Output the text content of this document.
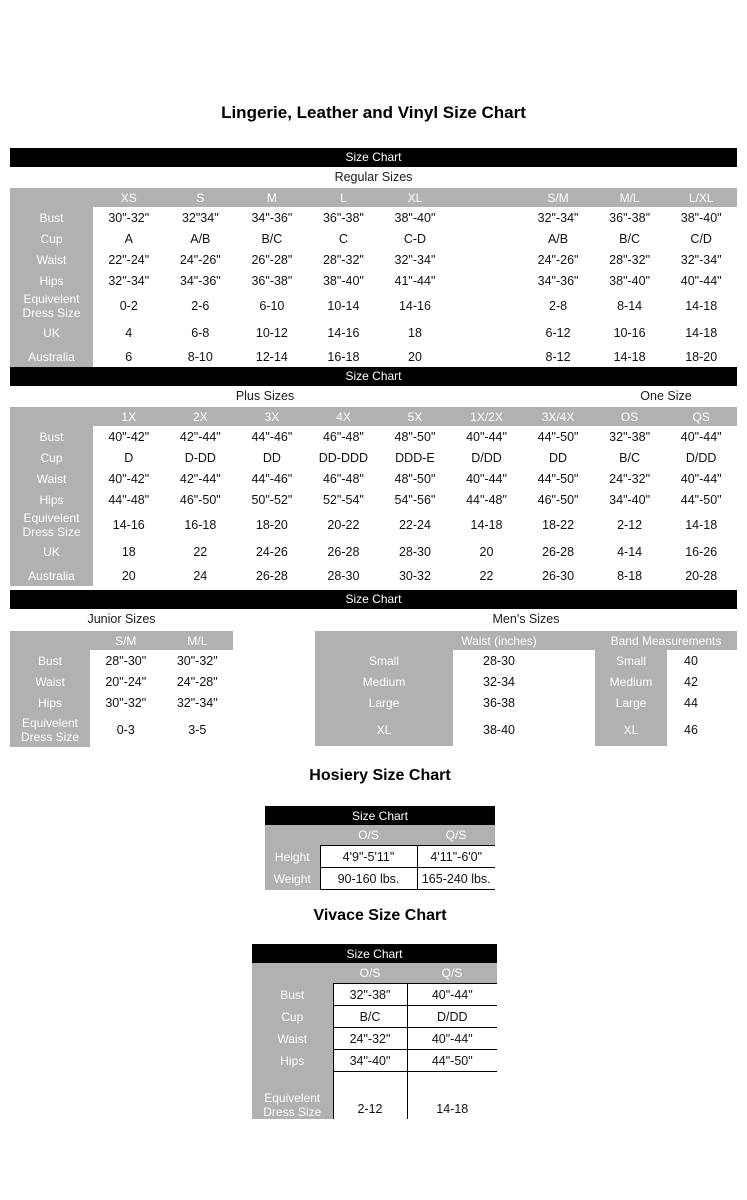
Lingerie, Leather and Vinyl Size Chart
Size Chart
Regular Sizes
	XS	S	M	L	XL		S/M	M/L	L/XL
Bust	30"-32"	32"34"	34"-36"	36"-38"	38"-40"		32"-34"	36"-38"	38"-40"
Cup	A	A/B	B/C	C	C-D		A/B	B/C	C/D
Waist	22"-24"	24"-26"	26"-28"	28"-32"	32"-34"		24"-26"	28"-32"	32"-34"
Hips	32"-34"	34"-36"	36"-38"	38"-40"	41"-44"		34"-36"	38"-40"	40"-44"
Equivelent Dress Size	0-2	2-6	6-10	10-14	14-16		2-8	8-14	14-18
UK	4	6-8	10-12	14-16	18		6-12	10-16	14-18
Australia	6	8-10	12-14	16-18	20		8-12	14-18	18-20
Size Chart
Plus Sizes	One Size
	1X	2X	3X	4X	5X	1X/2X	3X/4X	OS	QS
Bust	40"-42"	42"-44"	44"-46"	46"-48"	48"-50"	40"-44"	44"-50"	32"-38"	40"-44"
Cup	D	D-DD	DD	DD-DDD	DDD-E	D/DD	DD	B/C	D/DD
Waist	40"-42"	42"-44"	44"-46"	46"-48"	48"-50"	40"-44"	44"-50"	24"-32"	40"-44"
Hips	44"-48"	46"-50"	50"-52"	52"-54"	54"-56"	44"-48"	46"-50"	34"-40"	44"-50"
Equivelent Dress Size	14-16	16-18	18-20	20-22	22-24	14-18	18-22	2-12	14-18
UK	18	22	24-26	26-28	28-30	20	26-28	4-14	16-26
Australia	20	24	26-28	28-30	30-32	22	26-30	8-18	20-28
Size Chart
Junior Sizes	Men's Sizes
	S/M	M/L
Bust	28"-30"	30"-32"
Waist	20"-24"	24"-28"
Hips	30"-32"	32"-34"
Equivelent Dress Size	0-3	3-5
	Waist (inches)		Band Measurements		
Small	28-30		Small	40	
Medium	32-34		Medium	42	
Large	36-38		Large	44	
XL	38-40		XL	46	
Hosiery Size Chart
Size Chart		
	O/S	Q/S
Height	4'9"-5'11"	4'11"-6'0"
Weight	90-160 lbs.	165-240 lbs.
Vivace Size Chart
Size Chart		
	O/S	Q/S
Bust	32"-38"	40"-44"
Cup	B/C	D/DD
Waist	24"-32"	40"-44"
Hips	34"-40"	44"-50"

Equivelent Dress Size	2-12	14-18
